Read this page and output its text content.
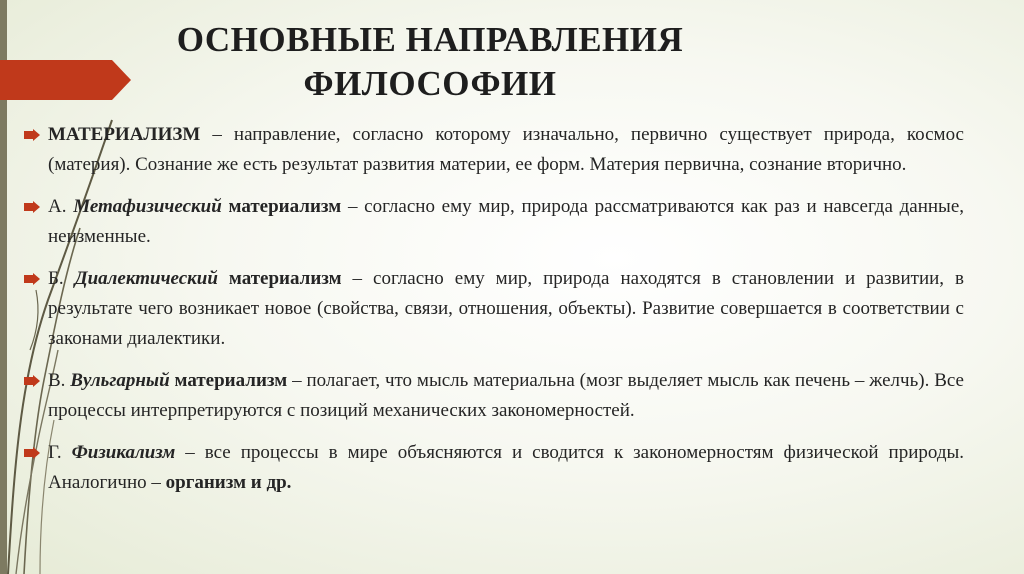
ОСНОВНЫЕ НАПРАВЛЕНИЯ
ФИЛОСОФИИ
МАТЕРИАЛИЗМ – направление, согласно которому изначально, первично существует природа, космос (материя). Сознание же есть результат развития материи, ее форм. Материя первична, сознание вторично.
А. Метафизический материализм – согласно ему мир, природа рассматриваются как раз и навсегда данные, неизменные.
Б. Диалектический материализм – согласно ему мир, природа находятся в становлении и развитии, в результате чего возникает новое (свойства, связи, отношения, объекты). Развитие совершается в соответствии с законами диалектики.
В. Вульгарный материализм – полагает, что мысль материальна (мозг выделяет мысль как печень – желчь). Все процессы интерпретируются с позиций механических закономерностей.
Г. Физикализм – все процессы в мире объясняются и сводится к закономерностям физической природы. Аналогично – организм и др.
